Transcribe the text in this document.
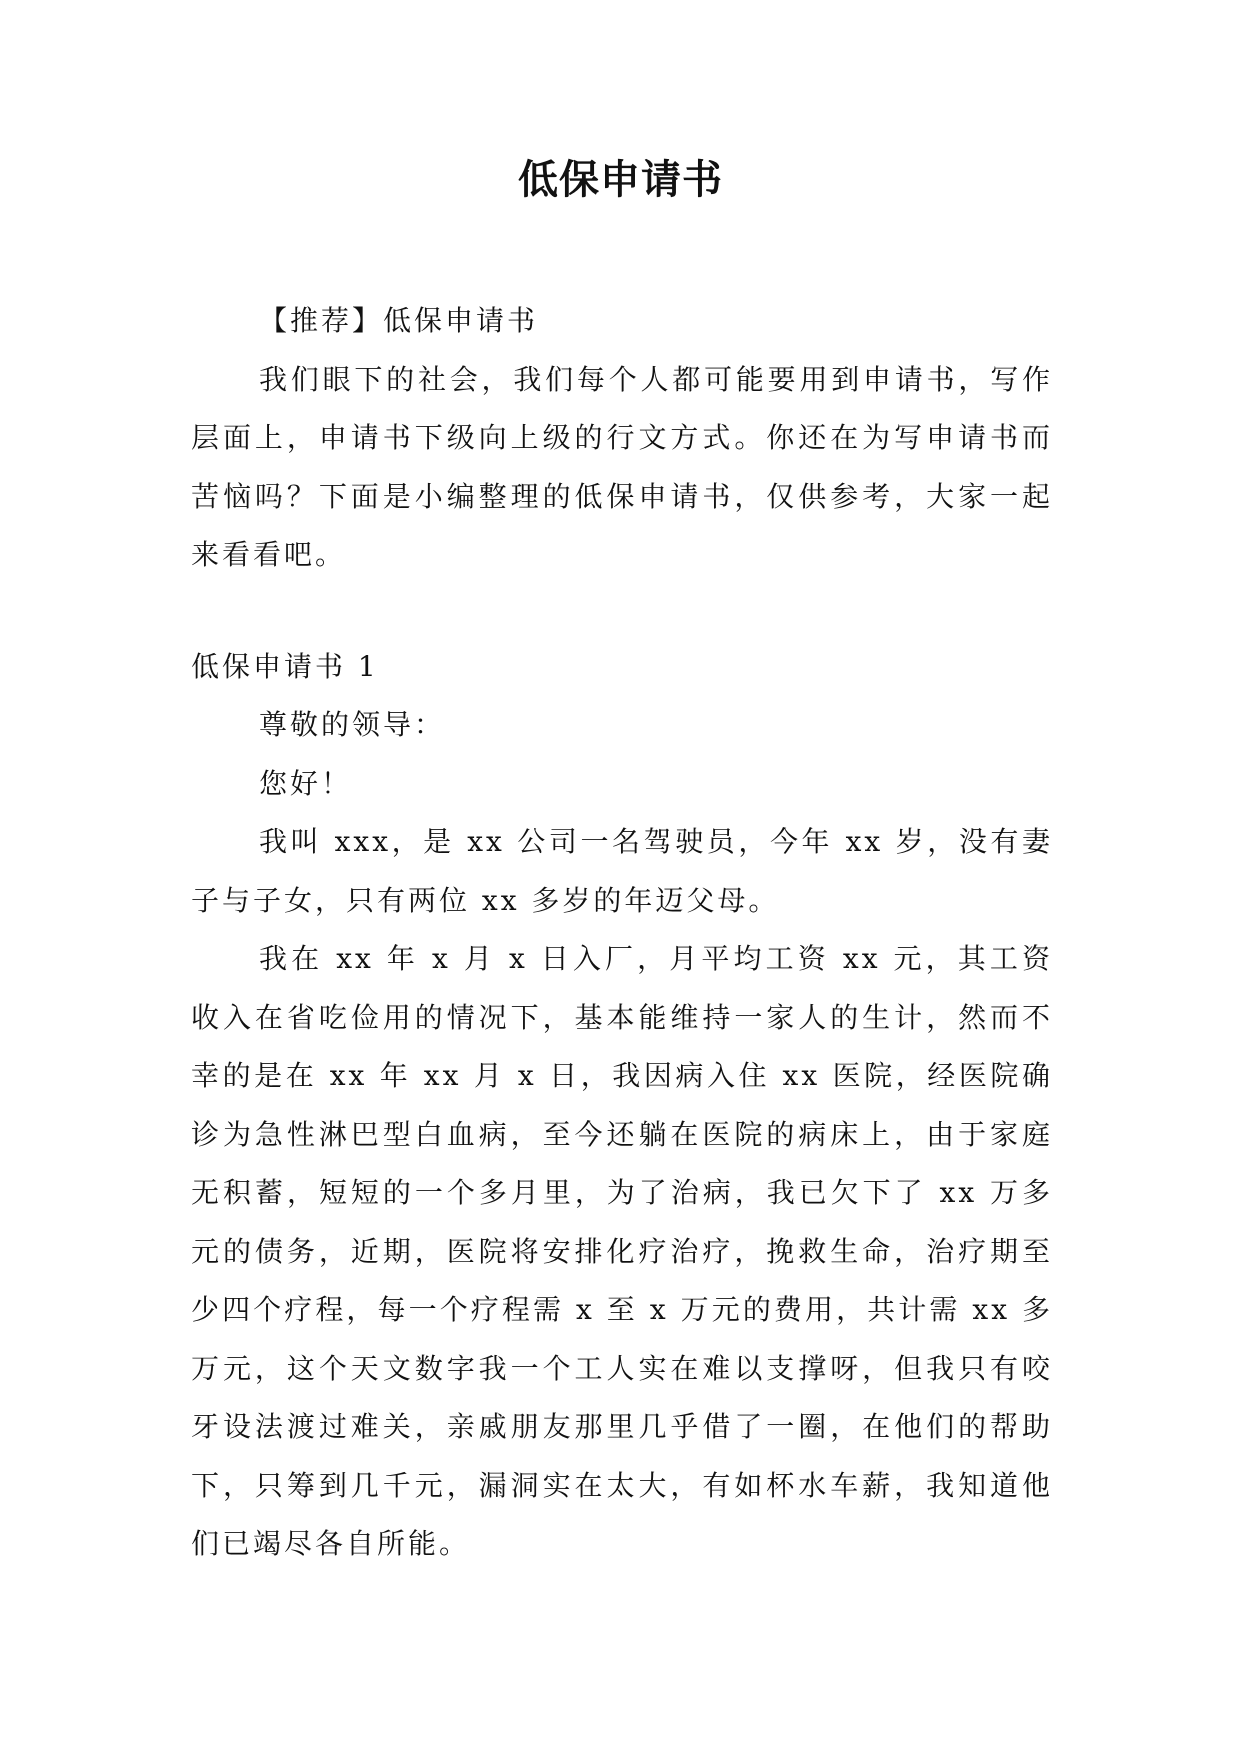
低保申请书

【推荐】低保申请书

我们眼下的社会，我们每个人都可能要用到申请书，写作层面上，申请书下级向上级的行文方式。你还在为写申请书而苦恼吗？下面是小编整理的低保申请书，仅供参考，大家一起来看看吧。

低保申请书 1

尊敬的领导：

您好！

我叫 xxx，是 xx 公司一名驾驶员，今年 xx 岁，没有妻子与子女，只有两位 xx 多岁的年迈父母。

我在 xx 年 x 月 x 日入厂，月平均工资 xx 元，其工资收入在省吃俭用的情况下，基本能维持一家人的生计，然而不幸的是在 xx 年 xx 月 x 日，我因病入住 xx 医院，经医院确诊为急性淋巴型白血病，至今还躺在医院的病床上，由于家庭无积蓄，短短的一个多月里，为了治病，我已欠下了 xx 万多元的债务，近期，医院将安排化疗治疗，挽救生命，治疗期至少四个疗程，每一个疗程需 x 至 x 万元的费用，共计需 xx 多万元，这个天文数字我一个工人实在难以支撑呀，但我只有咬牙设法渡过难关，亲戚朋友那里几乎借了一圈，在他们的帮助下，只筹到几千元，漏洞实在太大，有如杯水车薪，我知道他们已竭尽各自所能。
